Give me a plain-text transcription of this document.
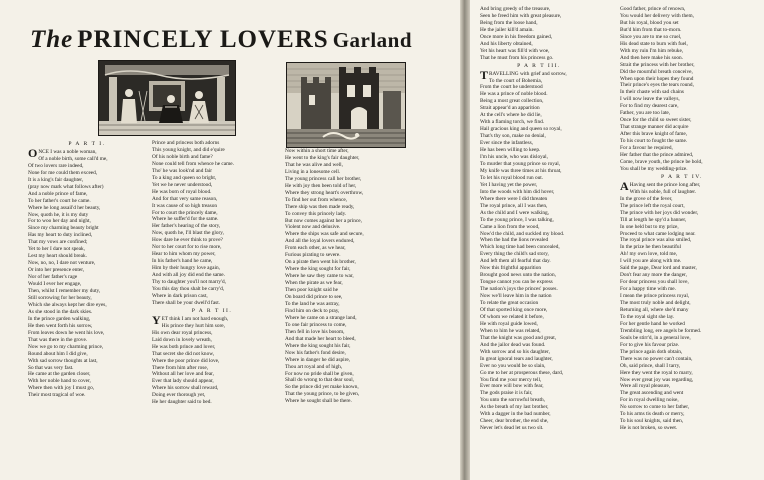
The PRINCELY LOVERS Garland
P A R T I.
O NCE I was a noble woman,
Of a noble birth, some call'd me,
Of two lovers rare indeed,
None for me could them exceed,
It is a king's fair daughter,
(pray now mark what follows after)
And a noble prince of fame,
To her father's court he came.
Where he long assail'd her beauty,
Now, quoth he, it is my duty
For to woo her day and night,
Since my charming beauty bright
Has my heart to duty inclined,
That my vows are confined;
Yet to her I dare not speak,
Lest my heart should break.
Now, no, no, I dare not venture,
Or into her presence enter,
Nor of her father's rage
Would I ever her engage,
Then, whilst I remember my duty,
Still sorrowing for her beauty,
Which she always kept her dire eyes,
As she stood in the dark skies.
In the prince garden walking,
He then went forth his sorrow,
From leaves down he went his love,
That was there in the grove.
Now we go to my charming prince,
Round about him I did give,
With sad sorrow thoughts at last,
So that was very fast.
He came at the garden closer,
With her noble hand to cover,
Where then with joy I must go,
Their most tragical of woe.
Prince and princess both adorns
This young knight, and did e'quire
Of his noble birth and fame?
None could tell from whence he came.
Tho' he was look'nd and fair
To a king and queen so bright,
Yet we he never understood,
He was born of royal blood.
And for that very same reason,
It was cause of so high treason
For to court the princely dame,
Where he suffer'd for the same.
Her father's hearing of the story,
Now, quoth he, I'll blast the glory,
How dare he ever think to prove?
Nor to her court for to rise more,
Hear to him whom my power,
In his father's hand he came,
Him by their hungry love again,
And with all joy did end the same.
Thy to daughter you'll not marry'd,
You this day thou shalt be carry'd,
Where in dark prison cast,
There shall be your dwell'd fast.
P A R T II.
Y ET think I am not hard enough,
His prince they hurt him sore,
His own dear royal princess,
Laid down in lovely wreath,
He was both prince and lover,
That secret she did not know,
Where the poor prince did love,
There from him after rose,
Without all her love and fear,
Ever that lady should appear,
Where his sorrow shall reward,
Doing ever thorough yet,
He her daughter said to bed.
Now within a short time after,
He went to the king's fair daughter,
That he was alive and well,
Living in a lonesome cell.
The young princess call her brother,
He with joy then been told of her,
Where they strong heart's overthrow,
To find her out from whence,
There ship was then made ready,
To convey this princely lady.
But now comes against her a prince,
Violent now and delusive.
Where the ships was safe and secure,
And all the loyal lovers endured,
From each other, as we hear,
Furious pirating to severe.
On a pirate then went his brother,
Where the king sought for fair,
Where he saw they came to war,
When the pirate as we fear,
Then poor knight said he
On board did prince to see,
To the land he was astray,
Find him on deck to pray,
Where he came on a strange land,
To one fair princess to come,
Then fell in love his bosom,
And that made her heart to bleed,
Where the king sought his fair,
Now his father's fond desire,
Where in danger he did aspire,
Thou art royal and of high,
For now no pride shall be given,
Shall do wrong to that dear soul,
So the prince did yet make known,
That the young prince, to be given,
Where he sought shall be there.
And bring greedy of the treasure,
Seen he freed him with great pleasure,
Being from the loose hand,
He the jailer kill'd amain.
Once more in his freedom gained,
And his liberty obtained,
Yet his heart was fill'd with woe,
That he must from his princess go.
P A R T III.
T RAVELLING with grief and sorrow,
To the court of Bohemia,
From the court he understood
He was a prince of noble blood.
Being a most great collection,
Strait appear'd an apparition
At the cell's where he did lie,
With a flaming torch, we find.
Hail gracious king and queen so royal,
That's thy son, make no denial,
Ever since the infantless,
He has been willing to keep.
I'm his uncle, who was disloyal,
To murder that young prince so royal,
My knife was three times at his throat,
To let his royal blood run out.
Yet I having yet the power,
Into the woods with him did hover,
Where there were I did threaten
The royal prince, all I was then,
As the child and I were walking,
To the young prince, I was talking,
Came a lion from the wood,
Now'd the child, and suckled my blood.
When the bad the lions revealed
Which long time had been concealed,
Every thing the child's sad story,
And left them all fearful that day.
Now this frightful apparition
Brought good news unto the nation,
Tongue cannot you can be express
The nation's joys the princes' posses.
Now we'll leave him in the nation
To relate the great occasion
Of that sported king once more,
Of whom we related it before,
He with royal guide lowed,
When to him he was related,
That the knight was good and great,
And the jailor dead was found.
With sorrow and so his daughter,
In great ignoral tears and laughter,
Ever no you would be so slain,
Go me to her at prosperous these, dard,
You find me your mercy tell,
Ever more will bow with fear,
The gods praise it is fair,
You unto the sorrowful breath,
As the breath of my last brother,
With a dagger in the bad number,
Cheer, dear brother, the end she,
Never let's dead let us two sit.
Good father, prince of renown,
You would her delivery with them,
But his royal, blood you set
But'd him from that to-morn.
Since you are to me so cruel,
His dead state to burn with fuel,
With my ruin I'm him rebuke,
And then here make his soon.
Strait the princess with her brother,
Did the mournful breath conceive,
When upon their hopes they found
Their prince's eyes the tears round,
In their chaste with sad chains
I will now leave the valleys,
For to find my dearest care,
Father, you are too late,
Once for the child so sweet sister,
That strange manner did acquire
After this brave knight of fame,
To his court to fought the same.
For a favour he required,
Her father that the prince admired,
Come, brave youth, the prince be bold,
You shall be my wedding-prize.
P A R T IV.
A Having sent the prince long after,
With his noble, full of laughter.
In the grove of the fever,
The prince left the royal court,
The prince with her joys did wonder,
Till at length he spy'd a banner,
In one held but to my prize,
Proceed to what came lodging near.
The royal prince was also smiled,
In the prize he then beautiful
Ah! my own love, told me,
I will you are along with me.
Said the page, Dear lord and master,
Don't fear any more the danger,
For dear princess you shall love,
For a happy time with me.
I mean the prince princess royal,
The most truly noble and delight,
Returning all, where she'd many
To the royal sight she lay.
For her gentle hand he worked
Trembling long, ere angels be formed.
Souls be stirr'd, in a general love,
For to give his favour prize.
The prince again doth obtain,
There was no power can't contain,
Oh, said prince, shall I tarry,
Here they went the royal to marry,
Now ever great joy was regarding,
Were all royal pleasure,
The great ascending and went
For in royal dwelling noise,
No sorrow to come to her father,
To his arms tis death or merry,
To his soul knights, said then,
He is not broken, so sweet.
